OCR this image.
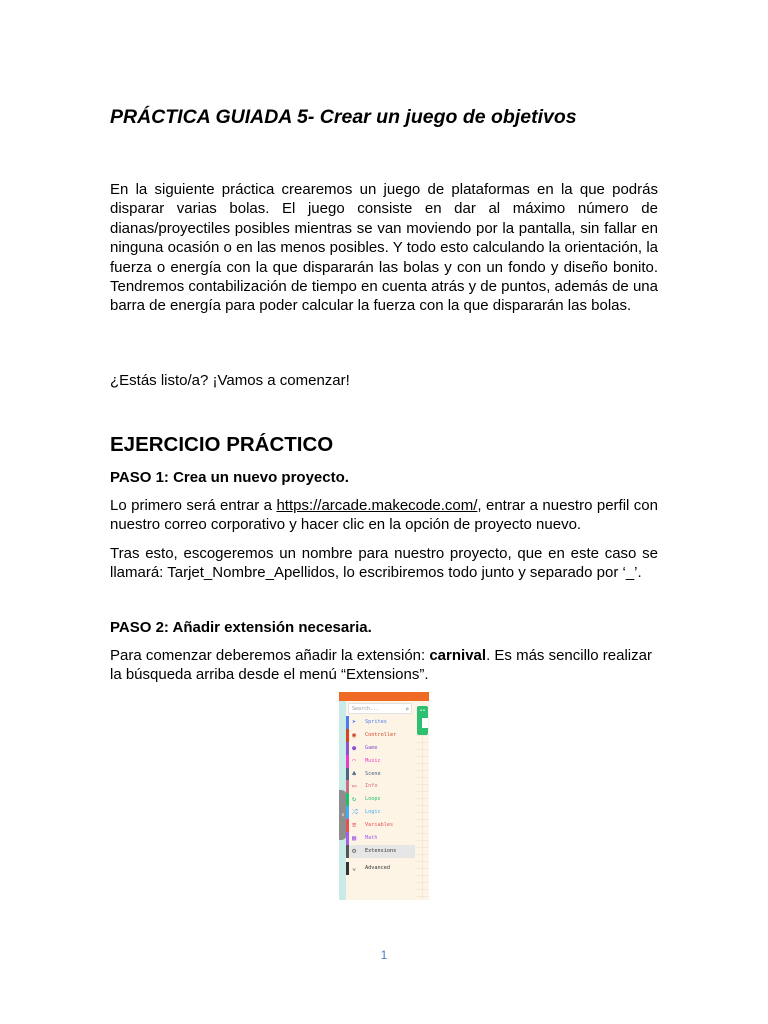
PRÁCTICA GUIADA 5- Crear un juego de objetivos

En la siguiente práctica crearemos un juego de plataformas en la que podrás disparar varias bolas. El juego consiste en dar al máximo número de dianas/proyectiles posibles mientras se van moviendo por la pantalla, sin fallar en ninguna ocasión o en las menos posibles. Y todo esto calculando la orientación, la fuerza o energía con la que dispararán las bolas y con un fondo y diseño bonito. Tendremos contabilización de tiempo en cuenta atrás y de puntos, además de una barra de energía para poder calcular la fuerza con la que dispararán las bolas.

¿Estás listo/a? ¡Vamos a comenzar!

EJERCICIO PRÁCTICO
PASO 1: Crea un nuevo proyecto.

Lo primero será entrar a https://arcade.makecode.com/, entrar a nuestro perfil con nuestro correo corporativo y hacer clic en la opción de proyecto nuevo.

Tras esto, escogeremos un nombre para nuestro proyecto, que en este caso se llamará: Tarjet_Nombre_Apellidos, lo escribiremos todo junto y separado por ‘_’.

PASO 2: Añadir extensión necesaria.

Para comenzar deberemos añadir la extensión: carnival. Es más sencillo realizar la búsqueda arriba desde el menú “Extensions”.

‹
Search...	⌕
➤ Sprites
◉ Controller
● Game
◠ Music
♣ Scene
▭ Info
↻ Loops
⤮ Logic
≡ Variables
▦ Math
⚙ Extensions
⌄ Advanced
••
1
